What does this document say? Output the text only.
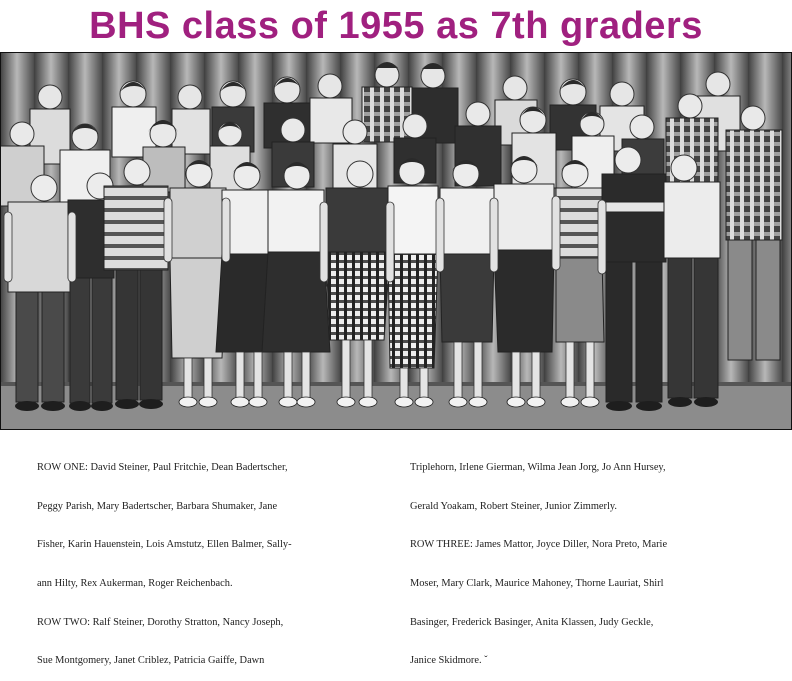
BHS class of 1955 as 7th graders

ROW ONE: David Steiner, Paul Fritchie, Dean Badertscher,

Peggy Parish, Mary Badertscher, Barbara Shumaker, Jane

Fisher, Karin Hauenstein, Lois Amstutz, Ellen Balmer, Sally-

ann Hilty, Rex Aukerman, Roger Reichenbach.

ROW TWO: Ralf Steiner, Dorothy Stratton, Nancy Joseph,

Sue Montgomery, Janet Criblez, Patricia Gaiffe, Dawn

Triplehorn, Irlene Gierman, Wilma Jean Jorg, Jo Ann Hursey,

Gerald Yoakam, Robert Steiner, Junior Zimmerly.

ROW THREE: James Mattor, Joyce Diller, Nora Preto, Marie

Moser, Mary Clark, Maurice Mahoney, Thorne Lauriat, Shirl

Basinger, Frederick Basinger, Anita Klassen, Judy Geckle,

Janice Skidmore. ˇ
